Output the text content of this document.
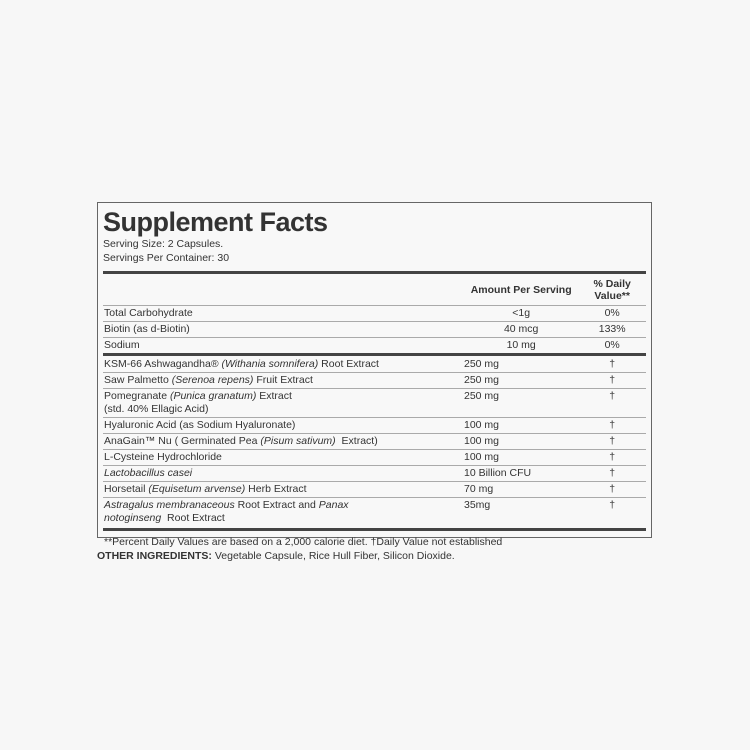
Supplement Facts
Serving Size: 2 Capsules.
Servings Per Container: 30
Amount Per Serving	% Daily
Value**
Total Carbohydrate	<1g	0%
Biotin (as d-Biotin)	40 mcg	133%
Sodium	10 mg	0%
KSM-66 Ashwagandha® (Withania somnifera) Root Extract	250 mg	†
Saw Palmetto (Serenoa repens) Fruit Extract	250 mg	†
Pomegranate (Punica granatum) Extract
(std. 40% Ellagic Acid)
250 mg	†
Hyaluronic Acid (as Sodium Hyaluronate)	100 mg	†
AnaGain™ Nu ( Germinated Pea (Pisum sativum)  Extract)	100 mg	†
L-Cysteine Hydrochloride	100 mg	†
Lactobacillus casei	10 Billion CFU	†
Horsetail (Equisetum arvense) Herb Extract	70 mg	†
Astragalus membranaceous Root Extract and Panax
notoginseng  Root Extract
35mg	†
**Percent Daily Values are based on a 2,000 calorie diet. †Daily Value not established
OTHER INGREDIENTS: Vegetable Capsule, Rice Hull Fiber, Silicon Dioxide.
